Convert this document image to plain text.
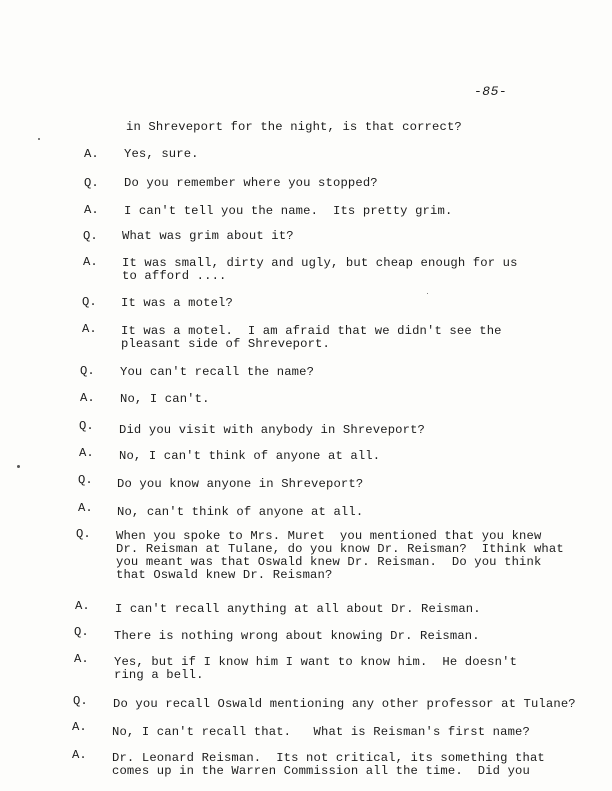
-85-
in Shreveport for the night, is that correct?
A. Yes, sure.
Q. Do you remember where you stopped?
A. I can't tell you the name.  Its pretty grim.
Q. What was grim about it?
A. It was small, dirty and ugly, but cheap enough for us
to afford ....
Q. It was a motel?
A. It was a motel.  I am afraid that we didn't see the
pleasant side of Shreveport.
Q. You can't recall the name?
A. No, I can't.
Q. Did you visit with anybody in Shreveport?
A. No, I can't think of anyone at all.
Q. Do you know anyone in Shreveport?
A. No, can't think of anyone at all.
Q. When you spoke to Mrs. Muret  you mentioned that you knew
Dr. Reisman at Tulane, do you know Dr. Reisman?  Ithink what
you meant was that Oswald knew Dr. Reisman.  Do you think
that Oswald knew Dr. Reisman?
A. I can't recall anything at all about Dr. Reisman.
Q. There is nothing wrong about knowing Dr. Reisman.
A. Yes, but if I know him I want to know him.  He doesn't
ring a bell.
Q. Do you recall Oswald mentioning any other professor at Tulane?
A. No, I can't recall that.   What is Reisman's first name?
A. Dr. Leonard Reisman.  Its not critical, its something that
comes up in the Warren Commission all the time.  Did you
